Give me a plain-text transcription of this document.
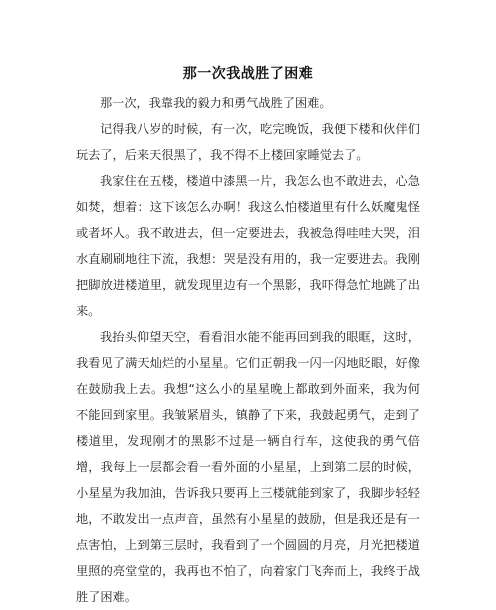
那一次我战胜了困难

那一次，我靠我的毅力和勇气战胜了困难。

记得我八岁的时候，有一次，吃完晚饭，我便下楼和伙伴们玩去了，后来天很黑了，我不得不上楼回家睡觉去了。

我家住在五楼，楼道中漆黑一片，我怎么也不敢进去，心急如焚，想着：这下该怎么办啊！我这么怕楼道里有什么妖魔鬼怪或者坏人。我不敢进去，但一定要进去，我被急得哇哇大哭，泪水直刷刷地往下流，我想：哭是没有用的，我一定要进去。我刚把脚放进楼道里，就发现里边有一个黑影，我吓得急忙地跳了出来。

我抬头仰望天空，看看泪水能不能再回到我的眼眶，这时，我看见了满天灿烂的小星星。它们正朝我一闪一闪地眨眼，好像在鼓励我上去。我想“这么小的星星晚上都敢到外面来，我为何不能回到家里。我皱紧眉头，镇静了下来，我鼓起勇气，走到了楼道里，发现刚才的黑影不过是一辆自行车，这使我的勇气倍增，我每上一层都会看一看外面的小星星，上到第二层的时候，小星星为我加油，告诉我只要再上三楼就能到家了，我脚步轻轻地，不敢发出一点声音，虽然有小星星的鼓励，但是我还是有一点害怕，上到第三层时，我看到了一个圆圆的月亮，月光把楼道里照的亮堂堂的，我再也不怕了，向着家门飞奔而上，我终于战胜了困难。
